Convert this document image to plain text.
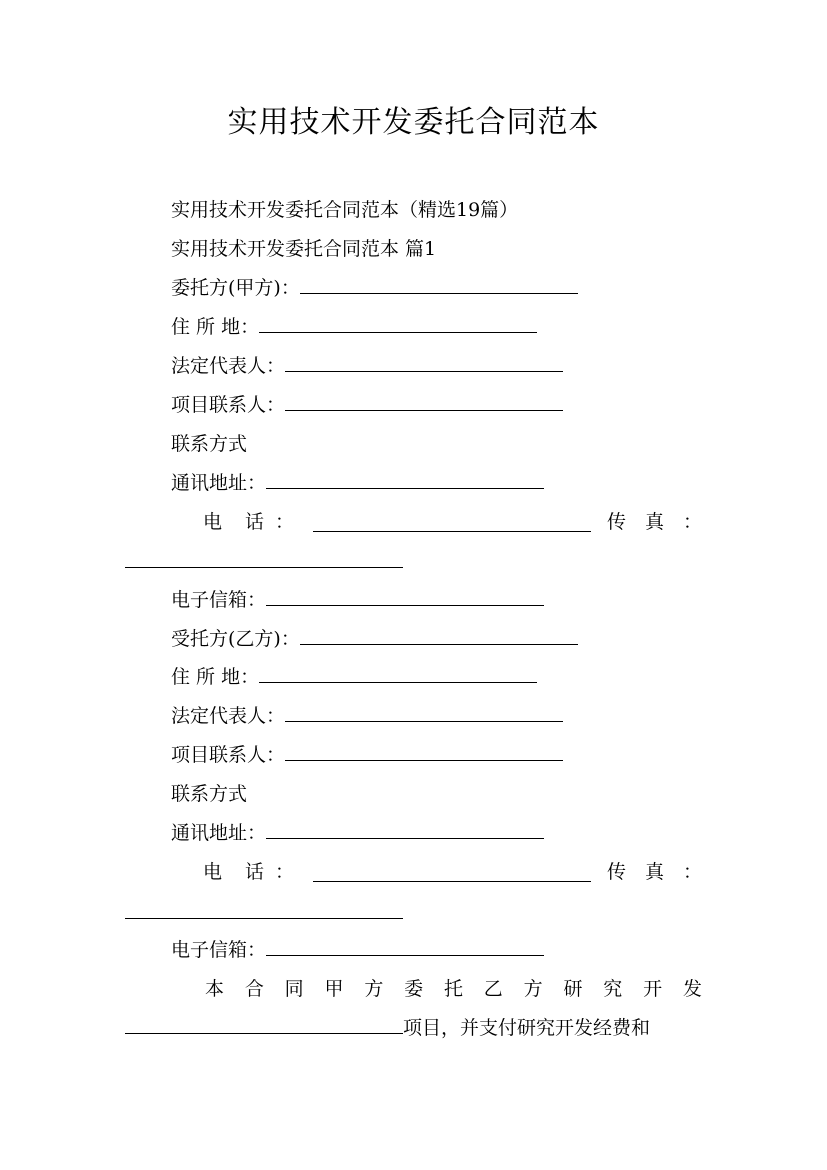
实用技术开发委托合同范本
实用技术开发委托合同范本（精选19篇）
实用技术开发委托合同范本 篇1
委托方(甲方)：
住 所 地：
法定代表人：
项目联系人：
联系方式
通讯地址：
电 话 ：	传 真 ：
电子信箱：
受托方(乙方)：
住 所 地：
法定代表人：
项目联系人：
联系方式
通讯地址：
电 话 ：	传 真 ：
电子信箱：
本 合 同 甲 方 委 托 乙 方 研 究 开 发
项目，并支付研究开发经费和
